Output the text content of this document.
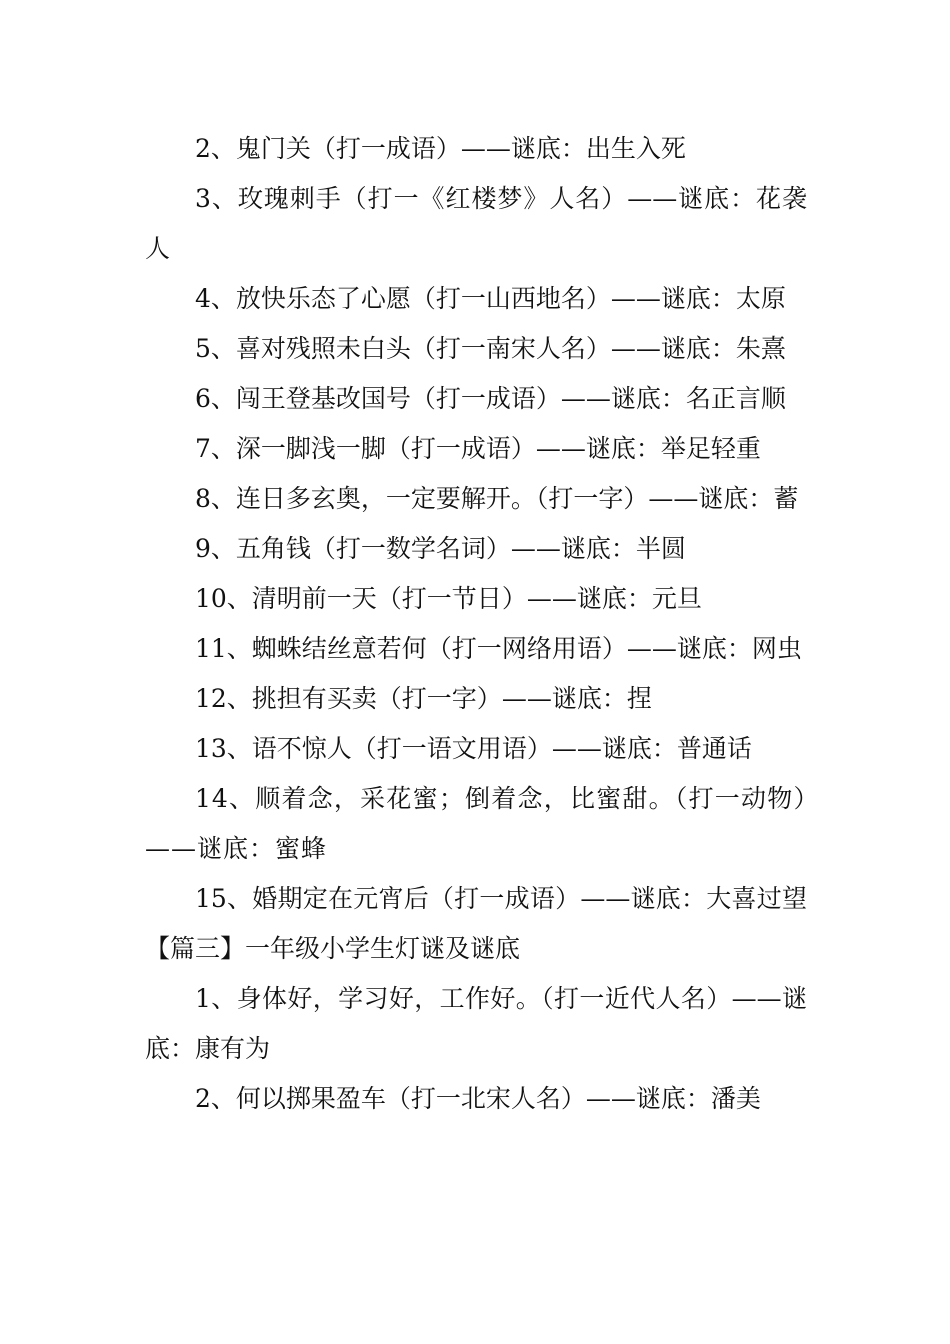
2、鬼门关（打一成语）——谜底：出生入死

3、玫瑰刺手（打一《红楼梦》人名）——谜底：花袭人

4、放快乐态了心愿（打一山西地名）——谜底：太原

5、喜对残照未白头（打一南宋人名）——谜底：朱熹

6、闯王登基改国号（打一成语）——谜底：名正言顺

7、深一脚浅一脚（打一成语）——谜底：举足轻重

8、连日多玄奥，一定要解开。（打一字）——谜底：蓄

9、五角钱（打一数学名词）——谜底：半圆

10、清明前一天（打一节日）——谜底：元旦

11、蜘蛛结丝意若何（打一网络用语）——谜底：网虫

12、挑担有买卖（打一字）——谜底：捏

13、语不惊人（打一语文用语）——谜底：普通话

14、顺着念，采花蜜；倒着念，比蜜甜。（打一动物）——谜底：蜜蜂

15、婚期定在元宵后（打一成语）——谜底：大喜过望【篇三】一年级小学生灯谜及谜底

1、身体好，学习好，工作好。（打一近代人名）——谜底：康有为

2、何以掷果盈车（打一北宋人名）——谜底：潘美
